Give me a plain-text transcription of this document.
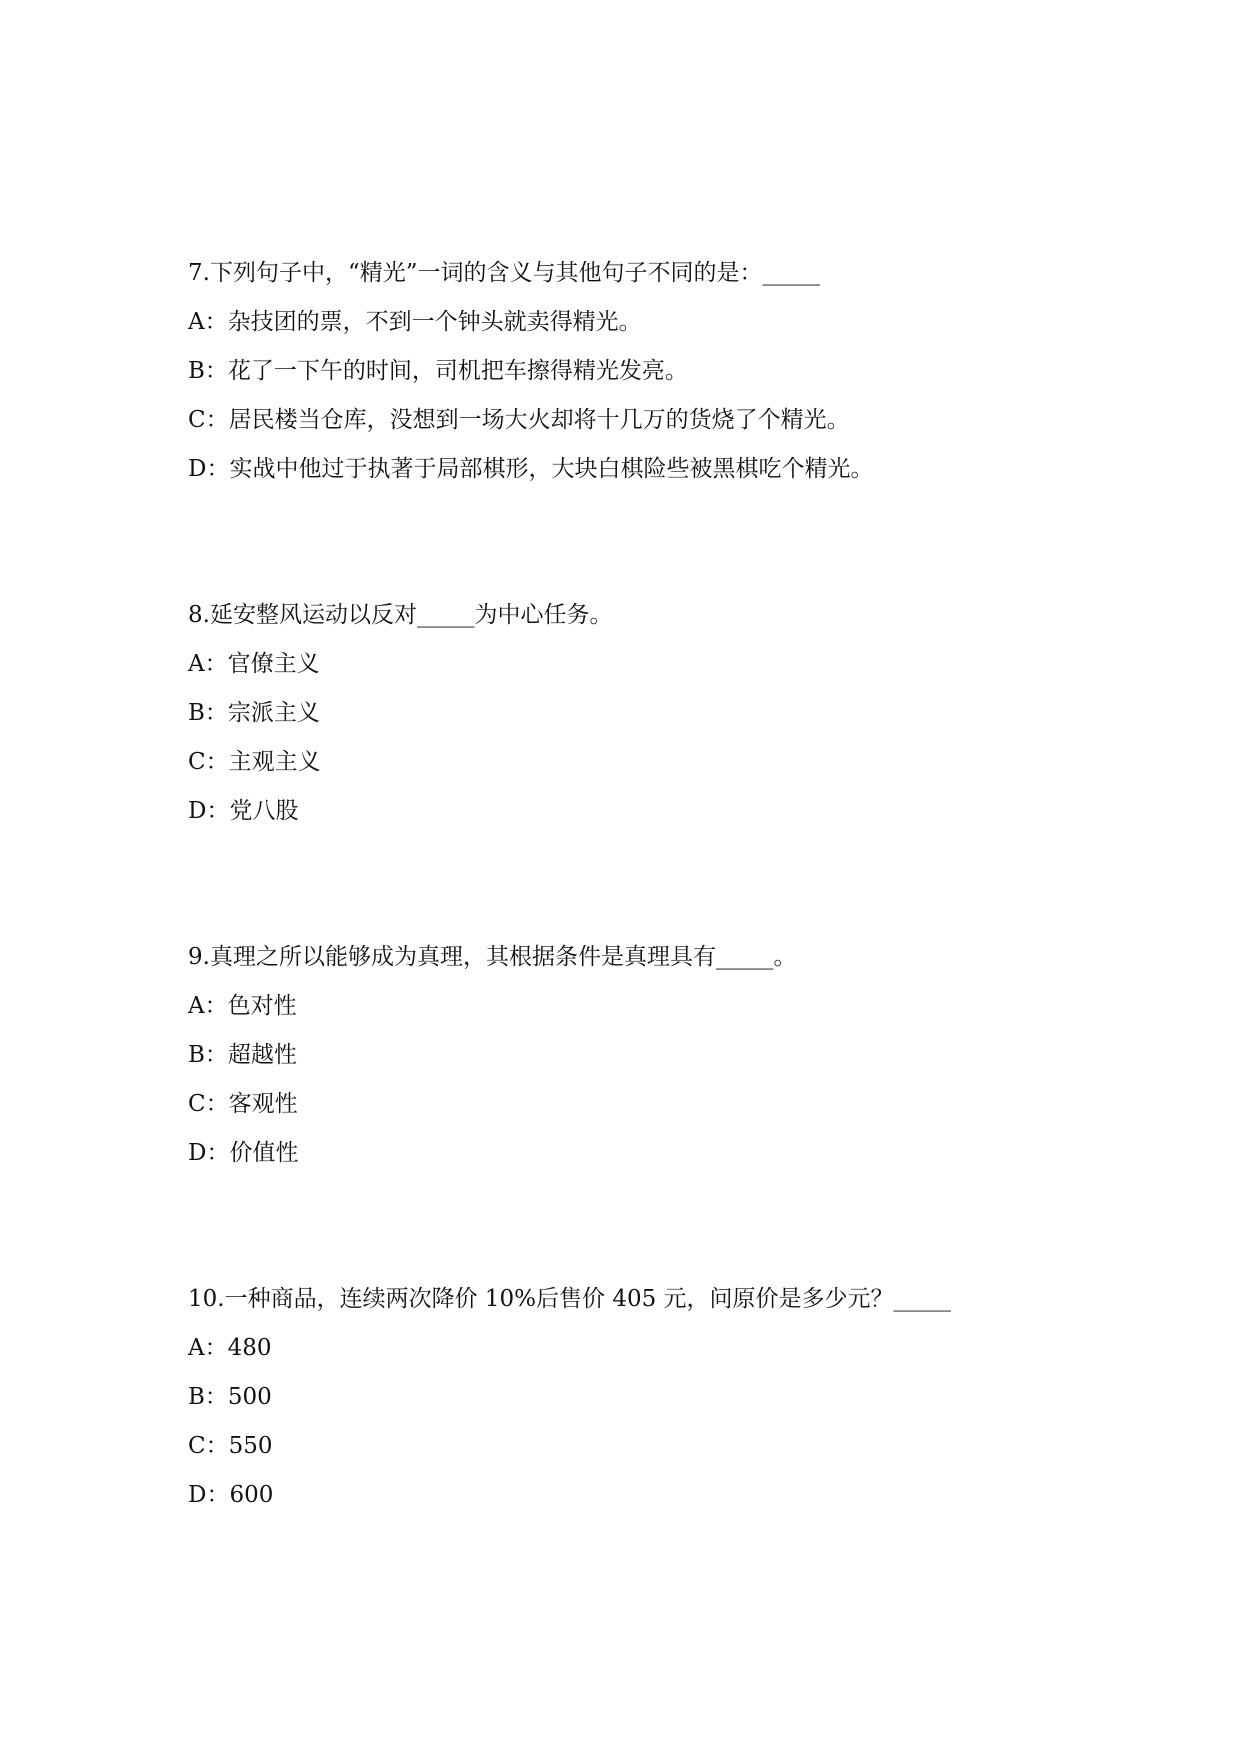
7.下列句子中，“精光”一词的含义与其他句子不同的是：_____
A：杂技团的票，不到一个钟头就卖得精光。
B：花了一下午的时间，司机把车擦得精光发亮。
C：居民楼当仓库，没想到一场大火却将十几万的货烧了个精光。
D：实战中他过于执著于局部棋形，大块白棋险些被黑棋吃个精光。
8.延安整风运动以反对_____为中心任务。
A：官僚主义
B：宗派主义
C：主观主义
D：党八股
9.真理之所以能够成为真理，其根据条件是真理具有_____。
A：色对性
B：超越性
C：客观性
D：价值性
10.一种商品，连续两次降价 10%后售价 405 元，问原价是多少元？_____
A：480
B：500
C：550
D：600
